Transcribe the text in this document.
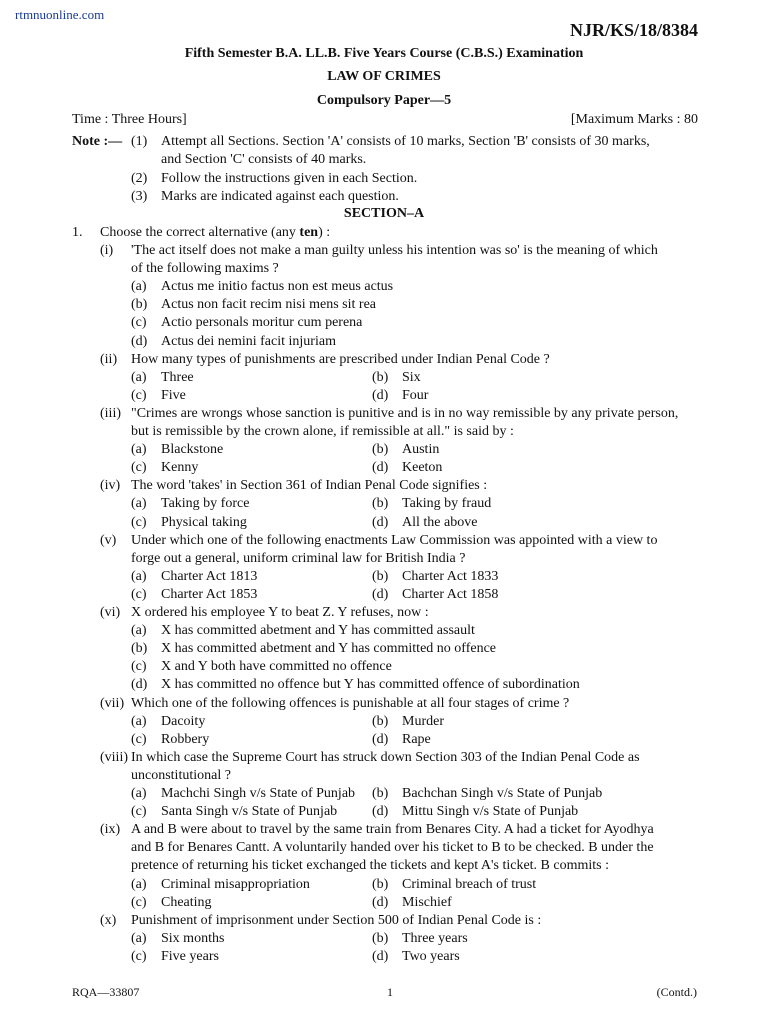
rtmnuonline.com
NJR/KS/18/8384
Fifth Semester B.A. LL.B. Five Years Course (C.B.S.) Examination
LAW OF CRIMES
Compulsory Paper—5
Time : Three Hours]	[Maximum Marks : 80
Note :— (1) Attempt all Sections. Section 'A' consists of 10 marks, Section 'B' consists of 30 marks,
and Section 'C' consists of 40 marks.
(2) Follow the instructions given in each Section.
(3) Marks are indicated against each question.
SECTION–A
1. Choose the correct alternative (any ten) :
(i) 'The act itself does not make a man guilty unless his intention was so' is the meaning of which
of the following maxims ?
(a) Actus me initio factus non est meus actus
(b) Actus non facit recim nisi mens sit rea
(c) Actio personals moritur cum perena
(d) Actus dei nemini facit injuriam
(ii) How many types of punishments are prescribed under Indian Penal Code ?
(a) Three	(b) Six
(c) Five	(d) Four
(iii) "Crimes are wrongs whose sanction is punitive and is in no way remissible by any private person,
but is remissible by the crown alone, if remissible at all." is said by :
(a) Blackstone	(b) Austin
(c) Kenny	(d) Keeton
(iv) The word 'takes' in Section 361 of Indian Penal Code signifies :
(a) Taking by force	(b) Taking by fraud
(c) Physical taking	(d) All the above
(v) Under which one of the following enactments Law Commission was appointed with a view to
forge out a general, uniform criminal law for British India ?
(a) Charter Act 1813	(b) Charter Act 1833
(c) Charter Act 1853	(d) Charter Act 1858
(vi) X ordered his employee Y to beat Z. Y refuses, now :
(a) X has committed abetment and Y has committed assault
(b) X has committed abetment and Y has committed no offence
(c) X and Y both have committed no offence
(d) X has committed no offence but Y has committed offence of subordination
(vii) Which one of the following offences is punishable at all four stages of crime ?
(a) Dacoity	(b) Murder
(c) Robbery	(d) Rape
(viii) In which case the Supreme Court has struck down Section 303 of the Indian Penal Code as
unconstitutional ?
(a) Machchi Singh v/s State of Punjab (b) Bachchan Singh v/s State of Punjab
(c) Santa Singh v/s State of Punjab (d) Mittu Singh v/s State of Punjab
(ix) A and B were about to travel by the same train from Benares City. A had a ticket for Ayodhya
and B for Benares Cantt. A voluntarily handed over his ticket to B to be checked. B under the
pretence of returning his ticket exchanged the tickets and kept A's ticket. B commits :
(a) Criminal misappropriation	(b) Criminal breach of trust
(c) Cheating	(d) Mischief
(x) Punishment of imprisonment under Section 500 of Indian Penal Code is :
(a) Six months	(b) Three years
(c) Five years	(d) Two years
RQA—33807	1	(Contd.)
